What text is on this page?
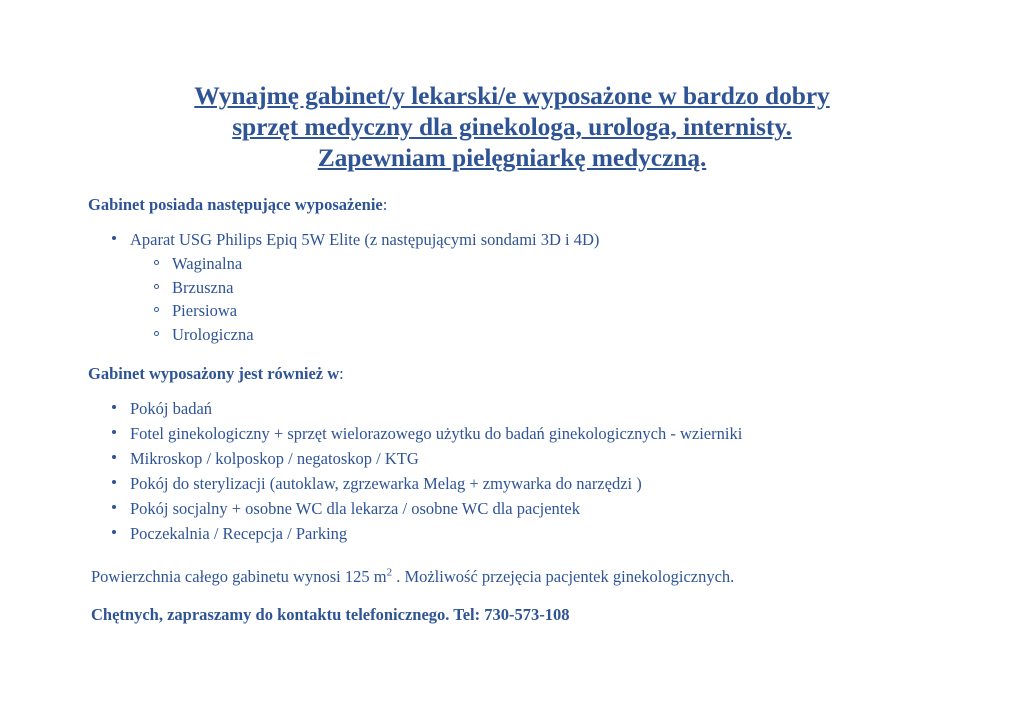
Wynajmę gabinet/y lekarski/e wyposażone w bardzo dobry
sprzęt medyczny dla ginekologa, urologa, internisty.
Zapewniam pielęgniarkę medyczną.

Gabinet posiada następujące wyposażenie:

Aparat USG Philips Epiq 5W Elite (z następującymi sondami 3D i 4D)
Waginalna
Brzuszna
Piersiowa
Urologiczna

Gabinet wyposażony jest również w:

Pokój badań
Fotel ginekologiczny + sprzęt wielorazowego użytku do badań ginekologicznych - wzierniki
Mikroskop / kolposkop / negatoskop / KTG
Pokój do sterylizacji (autoklaw, zgrzewarka Melag + zmywarka do narzędzi )
Pokój socjalny + osobne WC dla lekarza / osobne WC dla pacjentek
Poczekalnia / Recepcja / Parking

Powierzchnia całego gabinetu wynosi 125 $m^2$ . Możliwość przejęcia pacjentek ginekologicznych.

Chętnych, zapraszamy do kontaktu telefonicznego. Tel: 730-573-108
